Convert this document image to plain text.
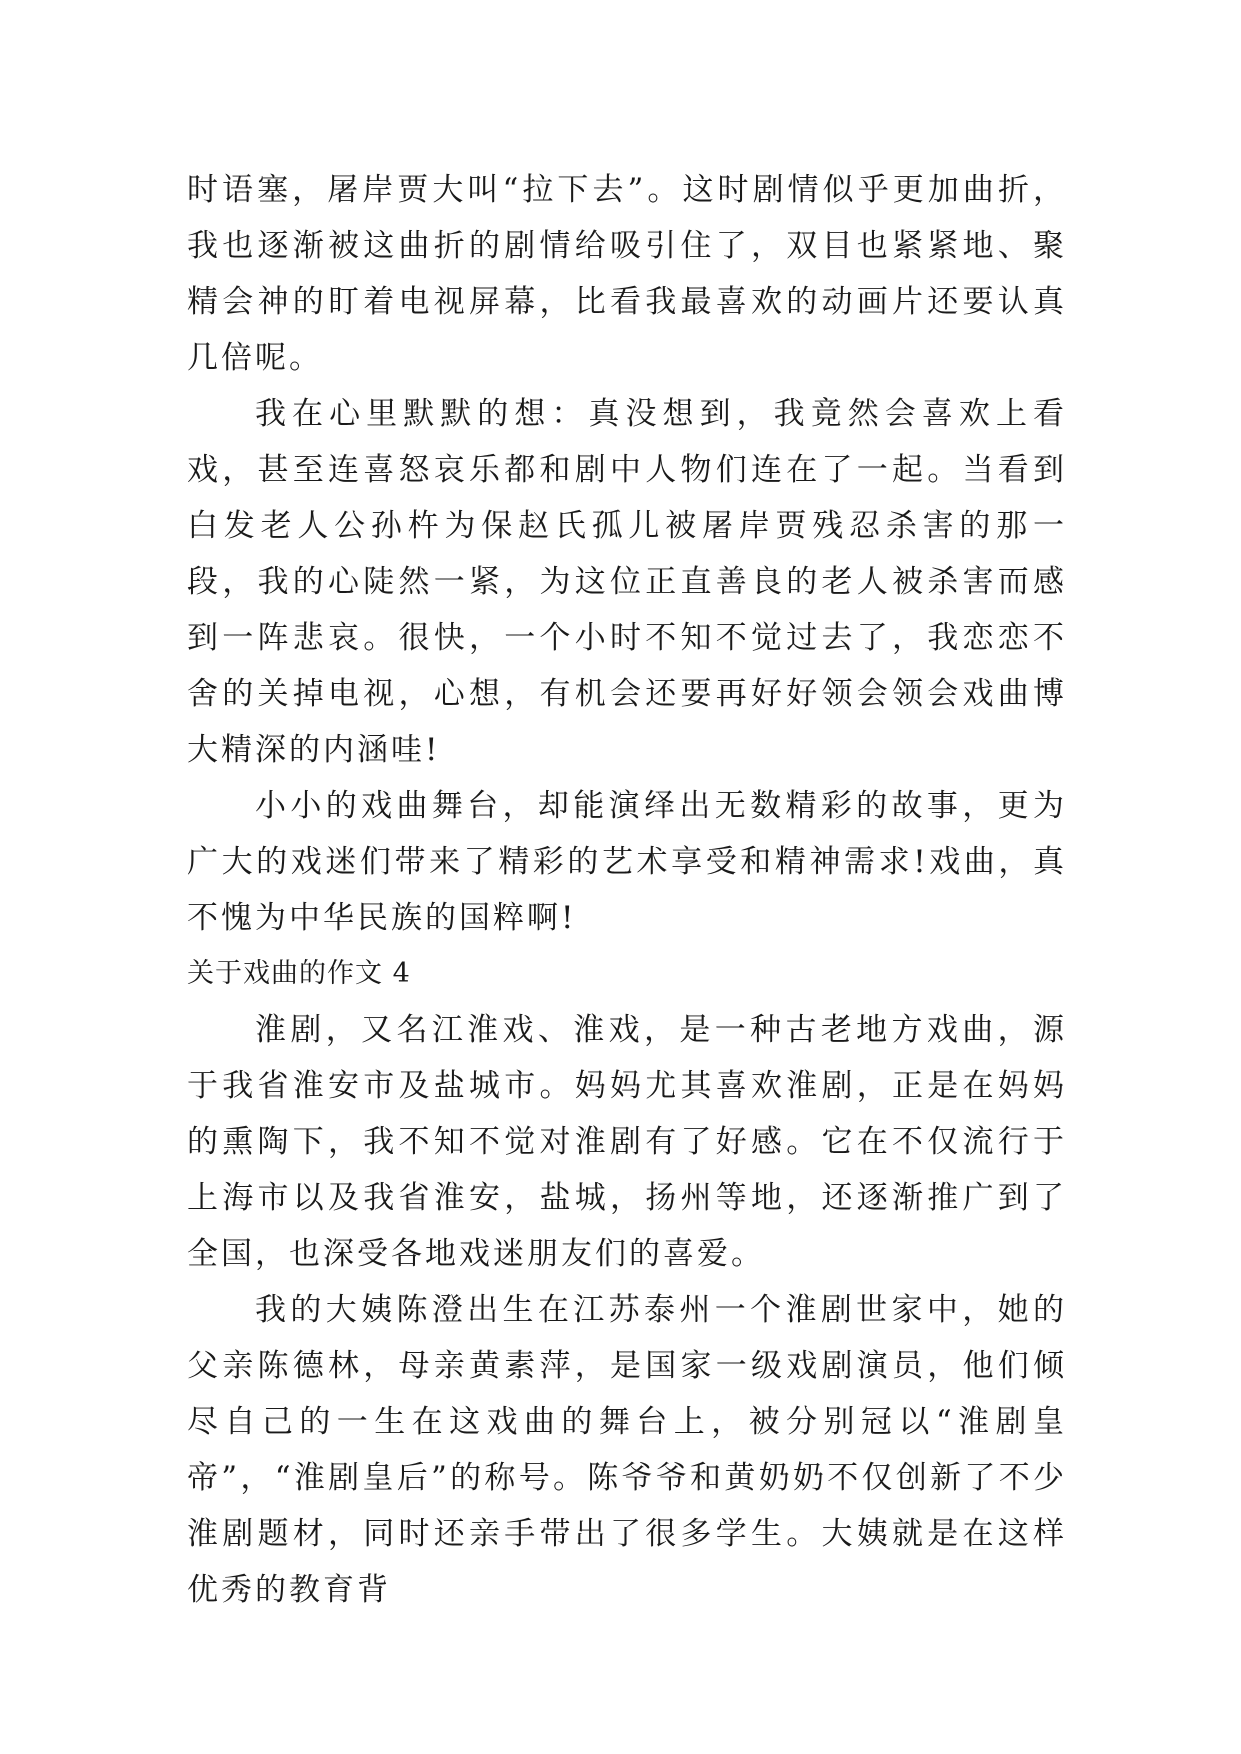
时语塞，屠岸贾大叫“拉下去”。这时剧情似乎更加曲折，我也逐渐被这曲折的剧情给吸引住了，双目也紧紧地、聚精会神的盯着电视屏幕，比看我最喜欢的动画片还要认真几倍呢。

我在心里默默的想：真没想到，我竟然会喜欢上看戏，甚至连喜怒哀乐都和剧中人物们连在了一起。当看到白发老人公孙杵为保赵氏孤儿被屠岸贾残忍杀害的那一段，我的心陡然一紧，为这位正直善良的老人被杀害而感到一阵悲哀。很快，一个小时不知不觉过去了，我恋恋不舍的关掉电视，心想，有机会还要再好好领会领会戏曲博大精深的内涵哇!

小小的戏曲舞台，却能演绎出无数精彩的故事，更为广大的戏迷们带来了精彩的艺术享受和精神需求!戏曲，真不愧为中华民族的国粹啊!

关于戏曲的作文 4

淮剧，又名江淮戏、淮戏，是一种古老地方戏曲，源于我省淮安市及盐城市。妈妈尤其喜欢淮剧，正是在妈妈的熏陶下，我不知不觉对淮剧有了好感。它在不仅流行于上海市以及我省淮安，盐城，扬州等地，还逐渐推广到了全国，也深受各地戏迷朋友们的喜爱。

我的大姨陈澄出生在江苏泰州一个淮剧世家中，她的父亲陈德林，母亲黄素萍，是国家一级戏剧演员，他们倾尽自己的一生在这戏曲的舞台上，被分别冠以“淮剧皇帝”，“淮剧皇后”的称号。陈爷爷和黄奶奶不仅创新了不少淮剧题材，同时还亲手带出了很多学生。大姨就是在这样优秀的教育背
